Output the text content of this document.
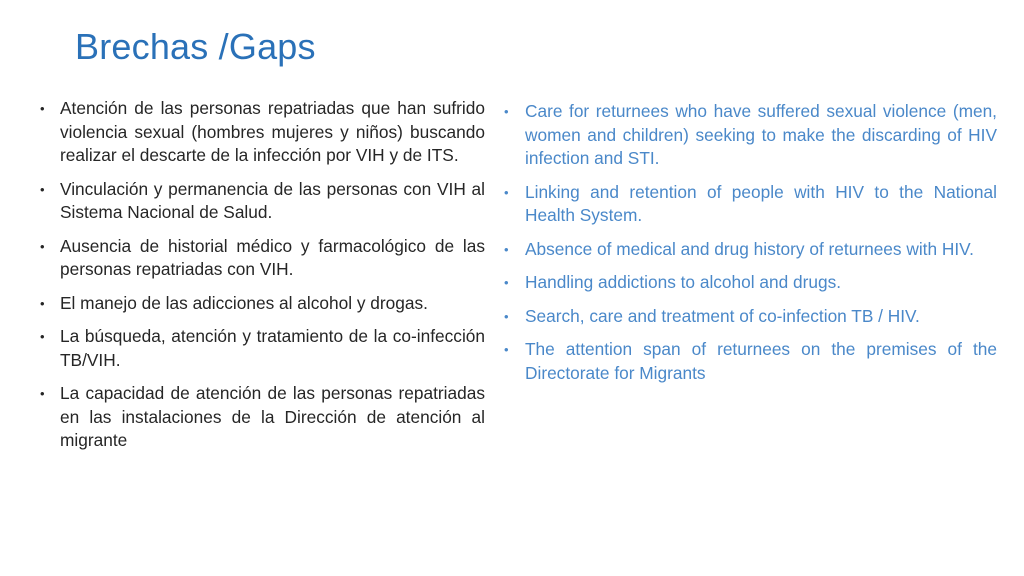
Brechas /Gaps
• Atención de las personas repatriadas que han sufrido violencia sexual (hombres mujeres y niños) buscando realizar el descarte de la infección por VIH y de ITS.
• Vinculación y permanencia de las personas con VIH al Sistema Nacional de Salud.
• Ausencia de historial médico y farmacológico de las personas repatriadas con VIH.
• El manejo de las adicciones al alcohol y drogas.
• La búsqueda, atención y tratamiento de la co-infección TB/VIH.
• La capacidad de atención de las personas repatriadas en las instalaciones de la Dirección de atención al migrante
• Care for returnees who have suffered sexual violence (men, women and children) seeking to make the discarding of HIV infection and STI.
• Linking and retention of people with HIV to the National Health System.
• Absence of medical and drug history of returnees with HIV.
• Handling addictions to alcohol and drugs.
• Search, care and treatment of co-infection TB / HIV.
• The attention span of returnees on the premises of the Directorate for Migrants
